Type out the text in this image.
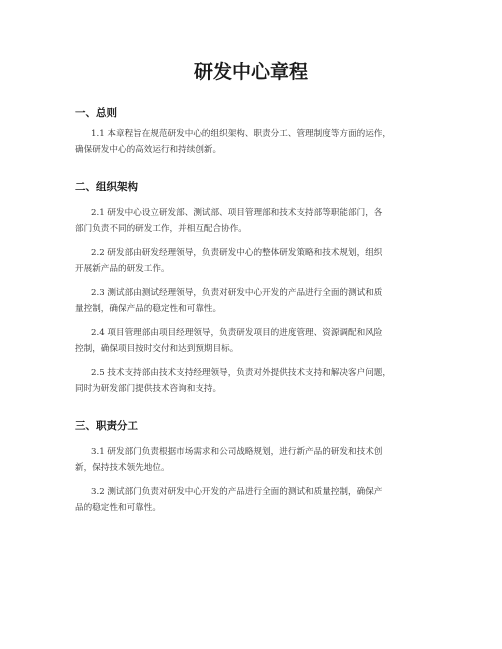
研发中心章程
一、总则

1.1 本章程旨在规范研发中心的组织架构、职责分工、管理制度等方面的运作，
确保研发中心的高效运行和持续创新。

二、组织架构

2.1 研发中心设立研发部、测试部、项目管理部和技术支持部等职能部门，各
部门负责不同的研发工作，并相互配合协作。

2.2 研发部由研发经理领导，负责研发中心的整体研发策略和技术规划，组织
开展新产品的研发工作。

2.3 测试部由测试经理领导，负责对研发中心开发的产品进行全面的测试和质
量控制，确保产品的稳定性和可靠性。

2.4 项目管理部由项目经理领导，负责研发项目的进度管理、资源调配和风险
控制，确保项目按时交付和达到预期目标。

2.5 技术支持部由技术支持经理领导，负责对外提供技术支持和解决客户问题，
同时为研发部门提供技术咨询和支持。

三、职责分工

3.1 研发部门负责根据市场需求和公司战略规划，进行新产品的研发和技术创
新，保持技术领先地位。

3.2 测试部门负责对研发中心开发的产品进行全面的测试和质量控制，确保产
品的稳定性和可靠性。
